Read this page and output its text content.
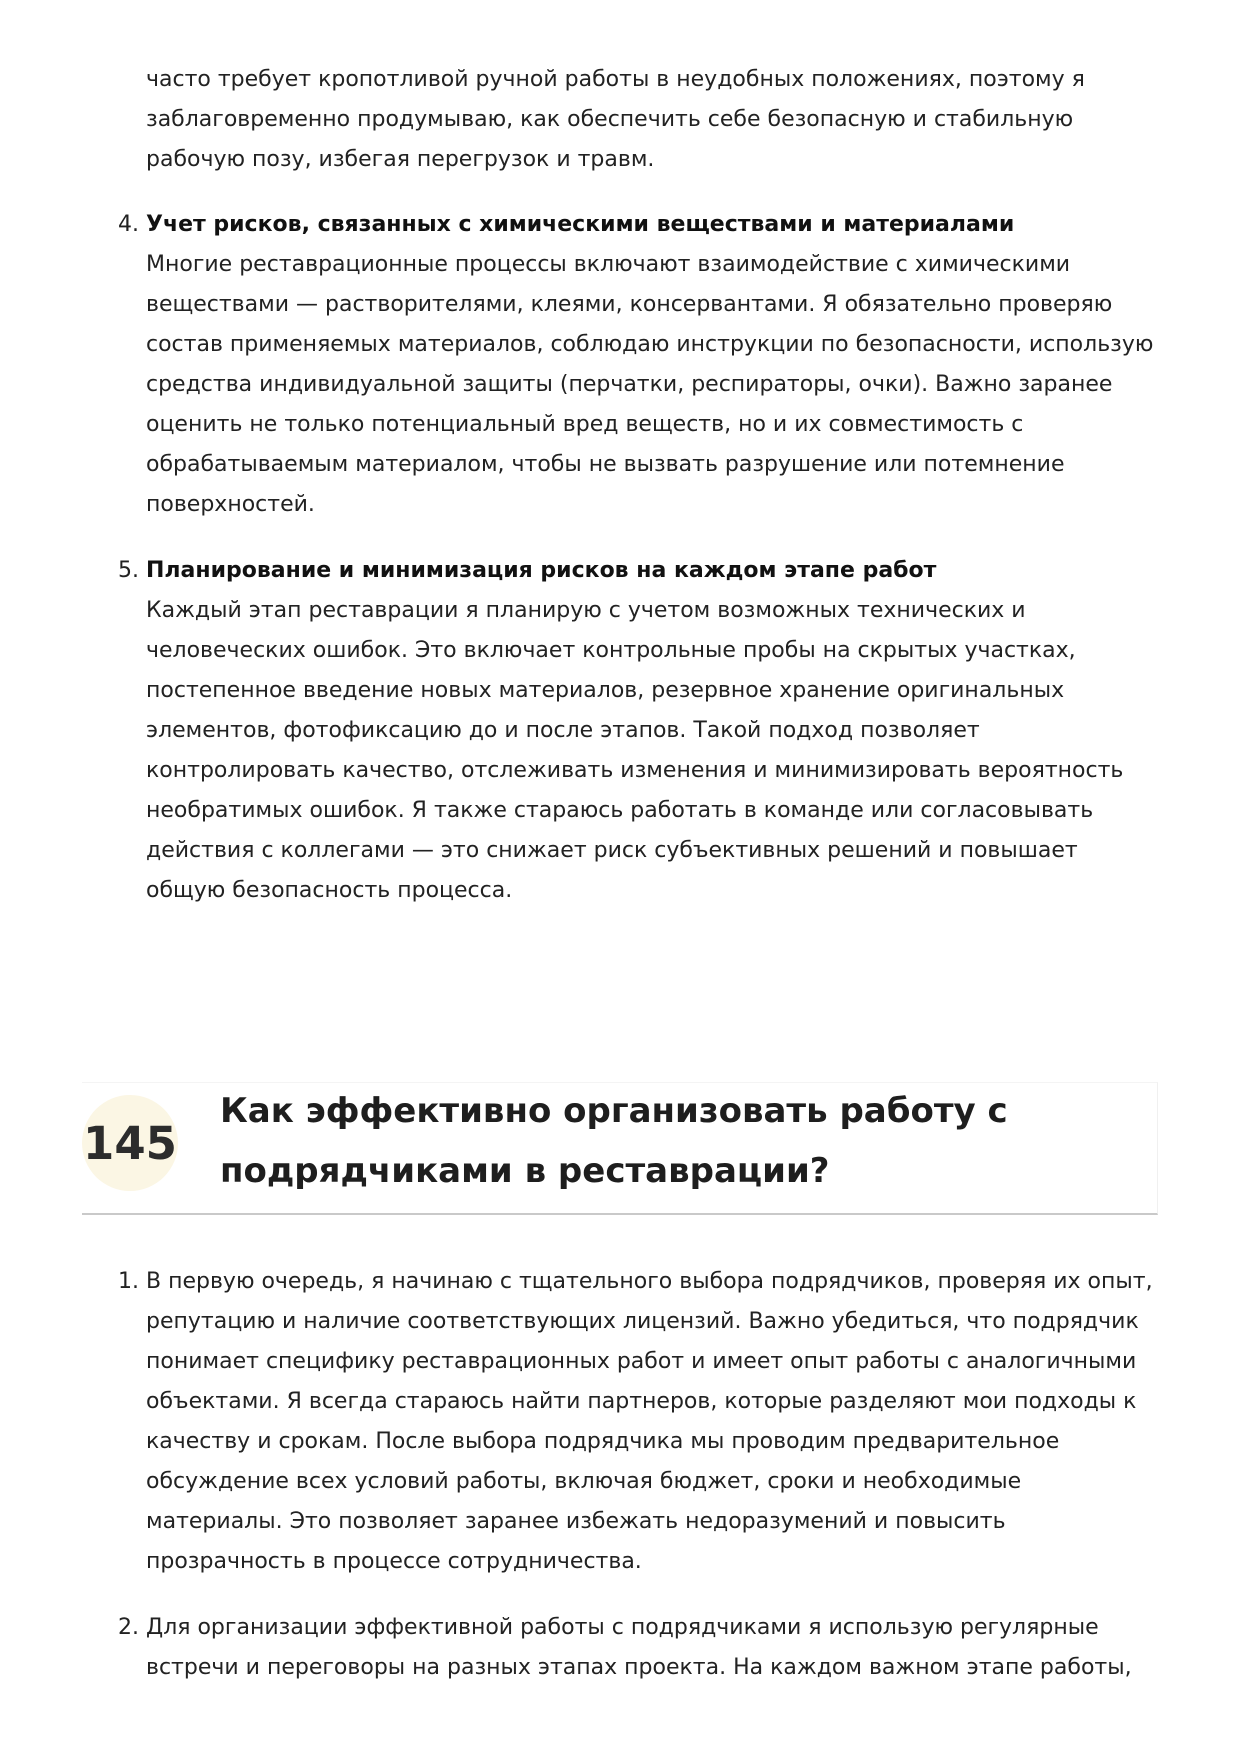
часто требует кропотливой ручной работы в неудобных положениях, поэтому я заблаговременно продумываю, как обеспечить себе безопасную и стабильную рабочую позу, избегая перегрузок и травм.
4. Учет рисков, связанных с химическими веществами и материалами
Многие реставрационные процессы включают взаимодействие с химическими веществами — растворителями, клеями, консервантами. Я обязательно проверяю состав применяемых материалов, соблюдаю инструкции по безопасности, использую средства индивидуальной защиты (перчатки, респираторы, очки). Важно заранее оценить не только потенциальный вред веществ, но и их совместимость с обрабатываемым материалом, чтобы не вызвать разрушение или потемнение поверхностей.
5. Планирование и минимизация рисков на каждом этапе работ
Каждый этап реставрации я планирую с учетом возможных технических и человеческих ошибок. Это включает контрольные пробы на скрытых участках, постепенное введение новых материалов, резервное хранение оригинальных элементов, фотофиксацию до и после этапов. Такой подход позволяет контролировать качество, отслеживать изменения и минимизировать вероятность необратимых ошибок. Я также стараюсь работать в команде или согласовывать действия с коллегами — это снижает риск субъективных решений и повышает общую безопасность процесса.
145
Как эффективно организовать работу с подрядчиками в реставрации?
1. В первую очередь, я начинаю с тщательного выбора подрядчиков, проверяя их опыт, репутацию и наличие соответствующих лицензий. Важно убедиться, что подрядчик понимает специфику реставрационных работ и имеет опыт работы с аналогичными объектами. Я всегда стараюсь найти партнеров, которые разделяют мои подходы к качеству и срокам. После выбора подрядчика мы проводим предварительное обсуждение всех условий работы, включая бюджет, сроки и необходимые материалы. Это позволяет заранее избежать недоразумений и повысить прозрачность в процессе сотрудничества.
2. Для организации эффективной работы с подрядчиками я использую регулярные встречи и переговоры на разных этапах проекта. На каждом важном этапе работы,
